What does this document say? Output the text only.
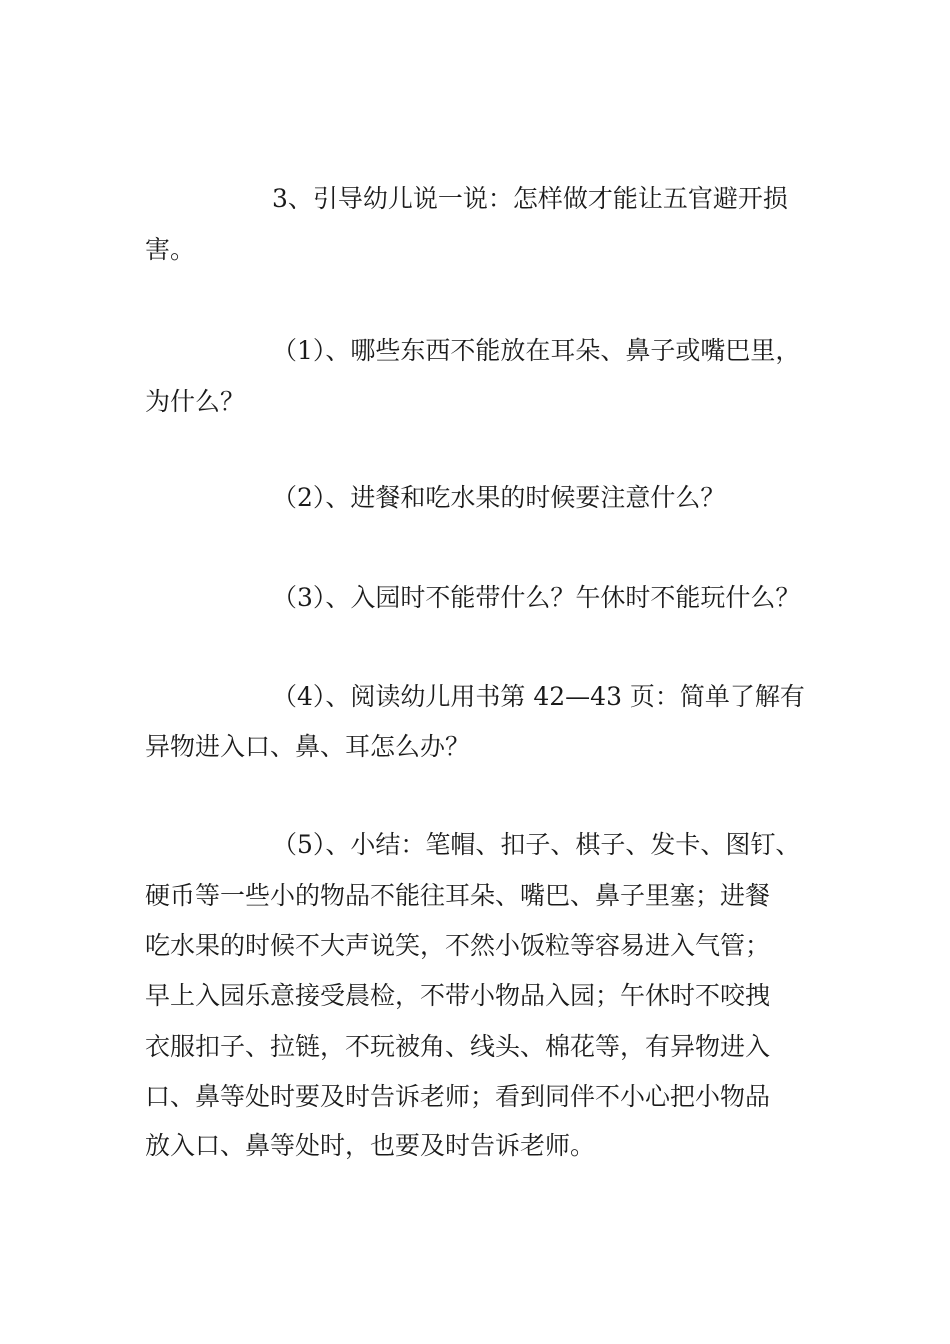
3、引导幼儿说一说：怎样做才能让五官避开损
害。
（1）、哪些东西不能放在耳朵、鼻子或嘴巴里，
为什么？
（2）、进餐和吃水果的时候要注意什么？
（3）、入园时不能带什么？午休时不能玩什么？
（4）、阅读幼儿用书第 42—43 页：简单了解有
异物进入口、鼻、耳怎么办？
（5）、小结：笔帽、扣子、棋子、发卡、图钉、
硬币等一些小的物品不能往耳朵、嘴巴、鼻子里塞；进餐
吃水果的时候不大声说笑，不然小饭粒等容易进入气管；
早上入园乐意接受晨检，不带小物品入园；午休时不咬拽
衣服扣子、拉链，不玩被角、线头、棉花等，有异物进入
口、鼻等处时要及时告诉老师；看到同伴不小心把小物品
放入口、鼻等处时，也要及时告诉老师。
